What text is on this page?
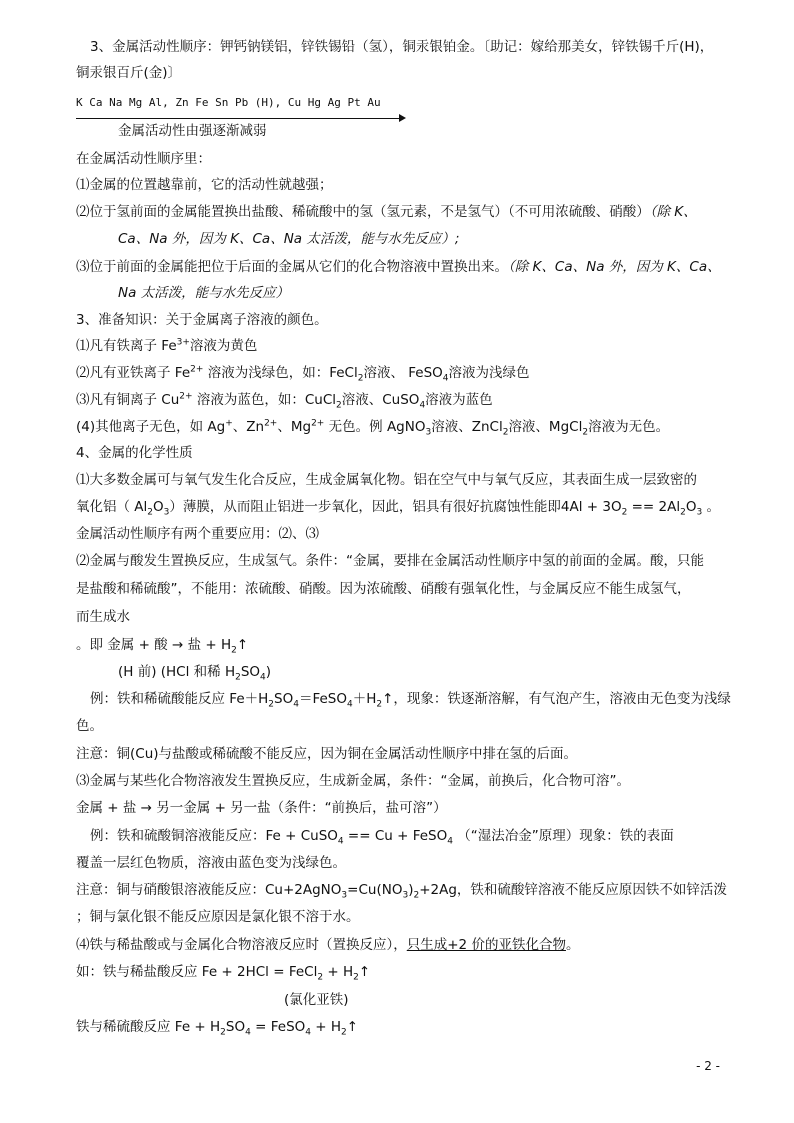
3、金属活动性顺序：钾钙钠镁铝，锌铁锡铅（氢），铜汞银铂金。〔助记：嫁给那美女，锌铁锡千斤(H)，
铜汞银百斤(金)〕
K Ca Na Mg Al, Zn Fe Sn Pb (H), Cu Hg Ag Pt Au
金属活动性由强逐渐减弱
在金属活动性顺序里：
⑴金属的位置越靠前，它的活动性就越强；
⑵位于氢前面的金属能置换出盐酸、稀硫酸中的氢（氢元素，不是氢气）（不可用浓硫酸、硝酸）（除 K、
Ca、Na 外，因为 K、Ca、Na 太活泼，能与水先反应）;
⑶位于前面的金属能把位于后面的金属从它们的化合物溶液中置换出来。（除 K、Ca、Na 外，因为 K、Ca、
Na 太活泼，能与水先反应）
3、准备知识：关于金属离子溶液的颜色。
⑴凡有铁离子 $Fe^{3+}$溶液为黄色
⑵凡有亚铁离子 $Fe^{2+}$ 溶液为浅绿色，如：FeCl$_2$溶液、 FeSO$_4$溶液为浅绿色
⑶凡有铜离子 $Cu^{2+}$ 溶液为蓝色，如：CuCl$_2$溶液、CuSO$_4$溶液为蓝色
(4)其他离子无色，如 Ag+、$Zn^{2+}$、$Mg^{2+}$ 无色。例 AgNO$_3$溶液、ZnCl$_2$溶液、MgCl$_2$溶液为无色。
4、金属的化学性质
⑴大多数金属可与氧气发生化合反应，生成金属氧化物。铝在空气中与氧气反应，其表面生成一层致密的
氧化铝（ $Al_2O_3$）薄膜，从而阻止铝进一步氧化，因此，铝具有很好抗腐蚀性能即$4Al + 3O_2 == 2Al_2O_3$ 。
金属活动性顺序有两个重要应用：⑵、⑶
⑵金属与酸发生置换反应，生成氢气。条件：“金属，要排在金属活动性顺序中氢的前面的金属。酸，只能
是盐酸和稀硫酸”，不能用：浓硫酸、硝酸。因为浓硫酸、硝酸有强氧化性，与金属反应不能生成氢气，
而生成水
。即 金属 + 酸 → 盐 + $H_2↑$
(H 前) (HCl 和稀 $H_2SO_4$)
例：铁和稀硫酸能反应 $Fe+H_2SO_4=FeSO_4+H_2↑$，现象：铁逐渐溶解，有气泡产生，溶液由无色变为浅绿
色。
注意：铜(Cu)与盐酸或稀硫酸不能反应，因为铜在金属活动性顺序中排在氢的后面。
⑶金属与某些化合物溶液发生置换反应，生成新金属，条件：“金属，前换后，化合物可溶”。
金属 + 盐 → 另一金属 + 另一盐（条件：“前换后，盐可溶”）
例：铁和硫酸铜溶液能反应：Fe + CuSO$_4$ == Cu + FeSO$_4$ （“湿法冶金”原理）现象：铁的表面
覆盖一层红色物质，溶液由蓝色变为浅绿色。
注意：铜与硝酸银溶液能反应：$Cu+2AgNO_3=Cu(NO_3)_2+2Ag$，铁和硫酸锌溶液不能反应原因铁不如锌活泼
；铜与氯化银不能反应原因是氯化银不溶于水。
⑷铁与稀盐酸或与金属化合物溶液反应时（置换反应），只生成+2 价的亚铁化合物。
如：铁与稀盐酸反应 Fe + 2HCl = FeCl$_2$ + $H_2↑$
(氯化亚铁)
铁与稀硫酸反应 $Fe + H_2SO_4$ = FeSO$_4$ + $H_2↑$
- 2 -
